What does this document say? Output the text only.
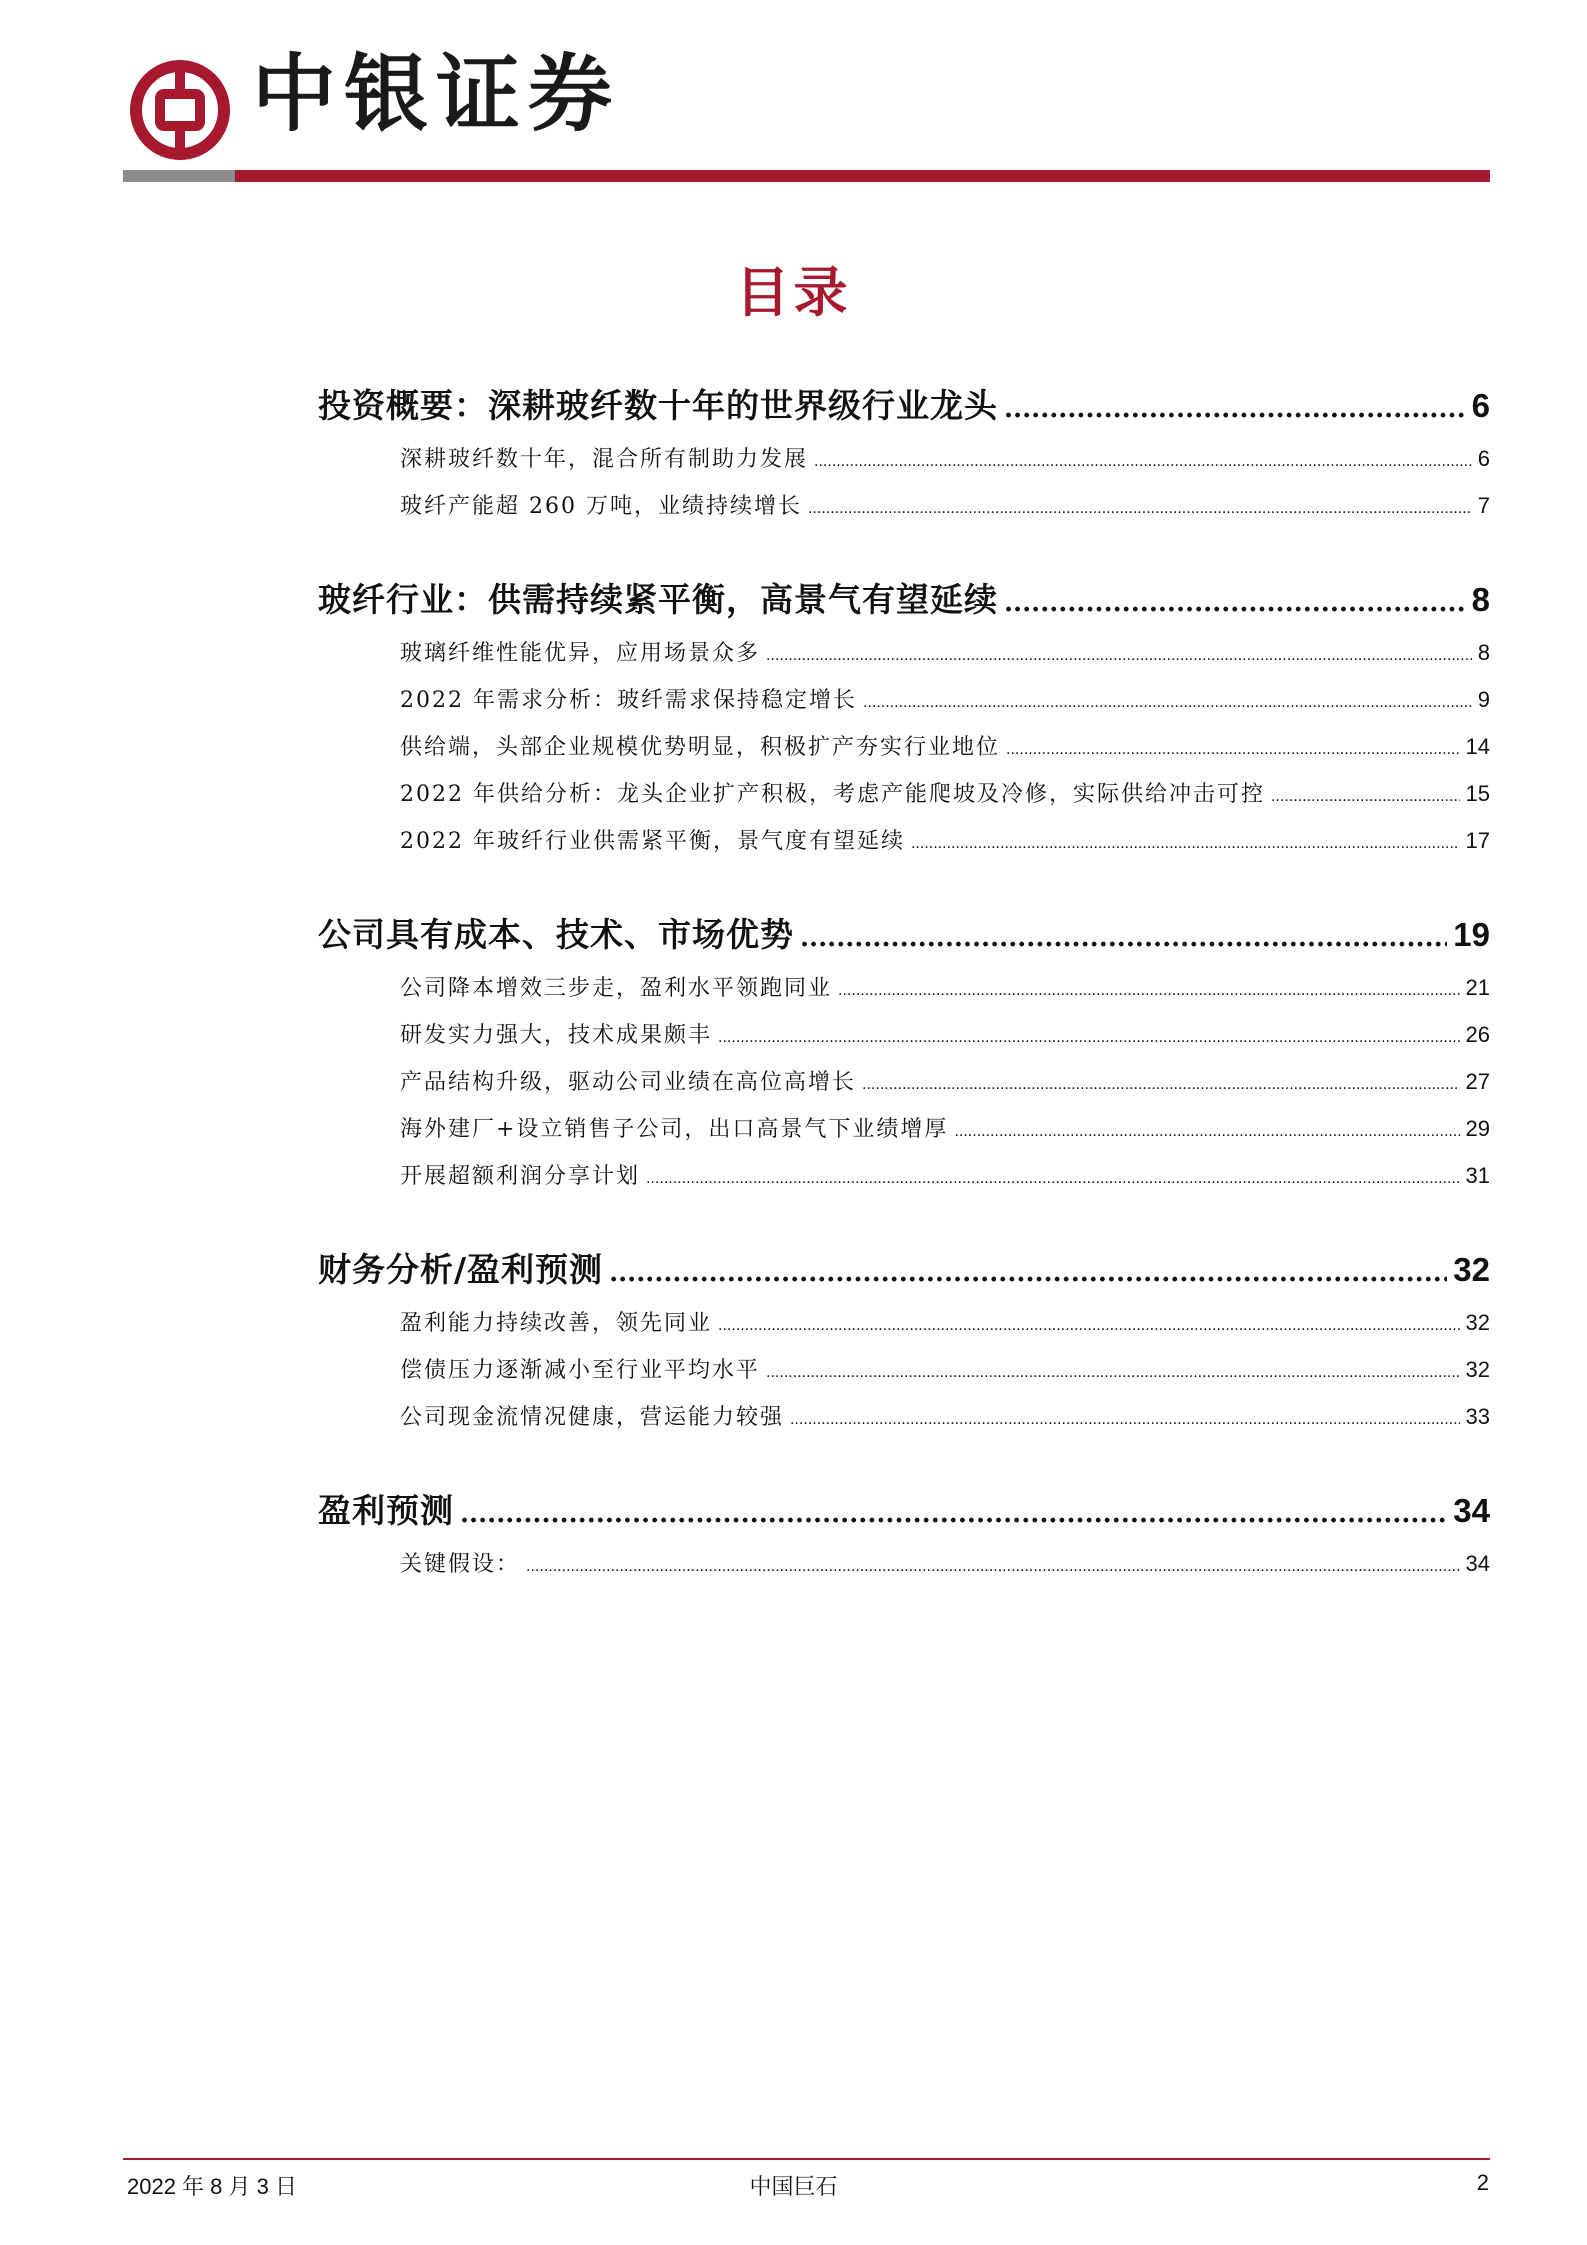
中银证券
目录
投资概要：深耕玻纤数十年的世界级行业龙头 .....	6
深耕玻纤数十年，混合所有制助力发展 .....	6
玻纤产能超 260 万吨，业绩持续增长 .....	7
玻纤行业：供需持续紧平衡，高景气有望延续 .....	8
玻璃纤维性能优异，应用场景众多 .....	8
2022 年需求分析：玻纤需求保持稳定增长 .....	9
供给端，头部企业规模优势明显，积极扩产夯实行业地位 .....	14
2022 年供给分析：龙头企业扩产积极，考虑产能爬坡及冷修，实际供给冲击可控 .....	15
2022 年玻纤行业供需紧平衡，景气度有望延续 .....	17
公司具有成本、技术、市场优势 .....	19
公司降本增效三步走，盈利水平领跑同业 .....	21
研发实力强大，技术成果颇丰 .....	26
产品结构升级，驱动公司业绩在高位高增长 .....	27
海外建厂+设立销售子公司，出口高景气下业绩增厚 .....	29
开展超额利润分享计划 .....	31
财务分析/盈利预测 .....	32
盈利能力持续改善，领先同业 .....	32
偿债压力逐渐减小至行业平均水平 .....	32
公司现金流情况健康，营运能力较强 .....	33
盈利预测 .....	34
关键假设： .....	34
2022 年 8 月 3 日	中国巨石	2
